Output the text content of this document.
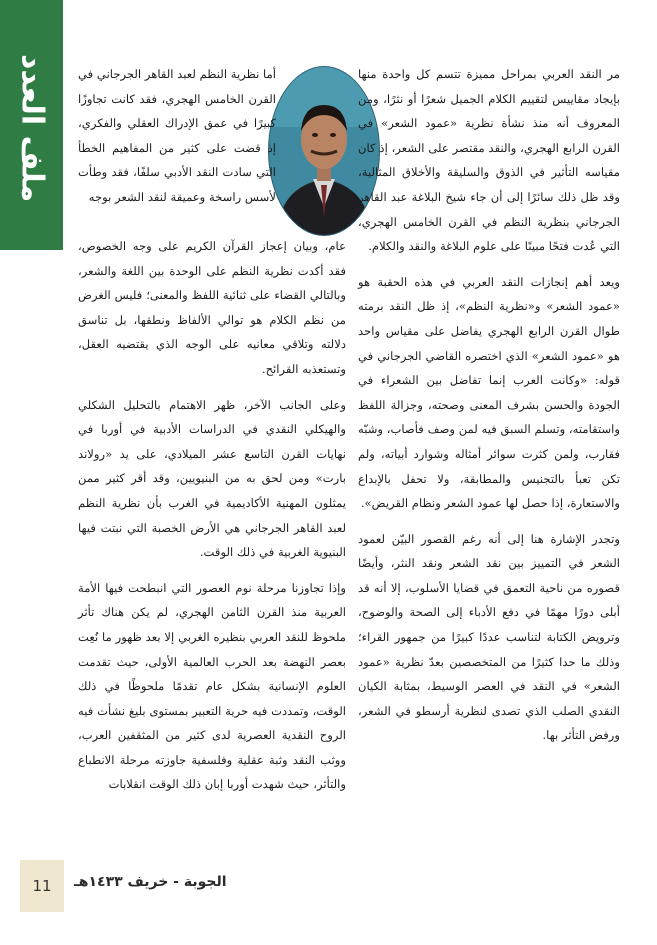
ملف العدد	مر النقد العربي بمراحل مميزة تتسم كل واحدة منها بإيجاد مقاييس لتقييم الكلام الجميل شعرًا أو نثرًا، ومن المعروف أنه منذ نشأة نظرية «عمود الشعر» في القرن الرابع الهجري، والنقد مقتصر على الشعر، إذ كان مقياسه التأثير في الذوق والسليقة والأخلاق المثالية، وقد ظل ذلك سائرًا إلى أن جاء شيخ البلاغة عبد القاهر الجرجاني بنظرية النظم في القرن الخامس الهجري، التي عُدت فتحًا مبينًا على علوم البلاغة والنقد والكلام.

ويعد أهم إنجازات النقد العربي في هذه الحقبة هو «عمود الشعر» و«نظرية النظم»، إذ ظل النقد برمته طوال القرن الرابع الهجري يفاضل على مقياس واحد هو «عمود الشعر» الذي اختصره القاضي الجرجاني في قوله: «وكانت العرب إنما تفاضل بين الشعراء في الجودة والحسن بشرف المعنى وصحته، وجزالة اللفظ واستقامته، وتسلم السبق فيه لمن وصف فأصاب، وشبّه فقارب، ولمن كثرت سوائر أمثاله وشوارد أبياته، ولم تكن تعبأ بالتجنيس والمطابقة، ولا تحفل بالإبداع والاستعارة، إذا حصل لها عمود الشعر ونظام القريض».

وتجدر الإشارة هنا إلى أنه رغم القصور البيّن لعمود الشعر في التمييز بين نقد الشعر ونقد النثر، وأيضًا قصوره من ناحية التعمق في قضايا الأسلوب، إلا أنه قد أبلى دورًا مهمًا في دفع الأدباء إلى الصحة والوضوح، وترويض الكتابة لتناسب عددًا كبيرًا من جمهور القراء؛ وذلك ما حدا كثيرًا من المتخصصين بعدّ نظرية «عمود الشعر» في النقد في العصر الوسيط، بمثابة الكيان النقدي الصلب الذي تصدى لنظرية أرسطو في الشعر، ورفض التأثر بها.

أما نظرية النظم لعبد القاهر الجرجاني في القرن الخامس الهجري، فقد كانت تجاوزًا كبيرًا في عمق الإدراك العقلي والفكري، إذ قضت على كثير من المفاهيم الخطأ التي سادت النقد الأدبي سلفًا، فقد وطأت لأسس راسخة وعميقة لنقد الشعر بوجه

عام، وبيان إعجاز القرآن الكريم على وجه الخصوص، فقد أكدت نظرية النظم على الوحدة بين اللغة والشعر، وبالتالي القضاء على ثنائية اللفظ والمعنى؛ فليس الغرض من نظم الكلام هو توالي الألفاظ ونطقها، بل تناسق دلالته وتلاقي معانيه على الوجه الذي يقتضيه العقل، وتستعذبه القرائح.

وعلى الجانب الآخر، ظهر الاهتمام بالتحليل الشكلي والهيكلي النقدي في الدراسات الأدبية في أوربا في نهايات القرن التاسع عشر الميلادي، على يد «رولاند بارت» ومن لحق به من البنيويين، وقد أقر كثير ممن يمثلون المهنية الأكاديمية في الغرب بأن نظرية النظم لعبد القاهر الجرجاني هي الأرض الخصبة التي نبتت فيها البنيوية الغربية في ذلك الوقت.

وإذا تجاوزنا مرحلة نوم العصور التي انبطحت فيها الأمة العربية منذ القرن الثامن الهجري، لم يكن هناك تأثر ملحوظ للنقد العربي بنظيره الغربي إلا بعد ظهور ما نُعِت بعصر النهضة بعد الحرب العالمية الأولى، حيث تقدمت العلوم الإنسانية بشكل عام تقدمًا ملحوظًا في ذلك الوقت، وتمددت فيه حرية التعبير بمستوى بليغ نشأت فيه الروح النقدية العصرية لدى كثير من المثقفين العرب، ووثب النقد وثبة عقلية وفلسفية جاوزته مرحلة الانطباع والتأثر، حيث شهدت أوربا إبان ذلك الوقت انقلابات

11 الجوبة - خريف ١٤٣٣هـ
